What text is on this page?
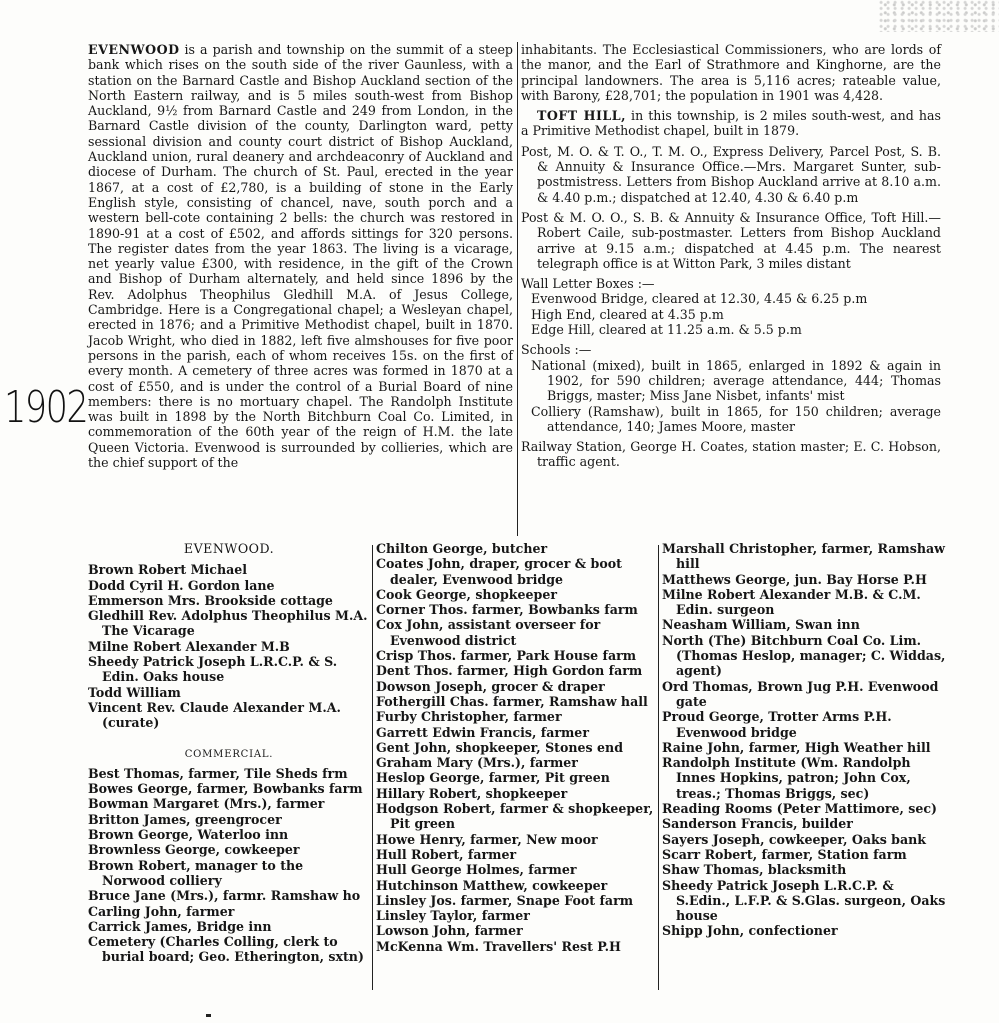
1902

EVENWOOD is a parish and township on the summit of a steep bank which rises on the south side of the river Gaunless, with a station on the Barnard Castle and Bishop Auckland section of the North Eastern railway, and is 5 miles south-west from Bishop Auckland, 9½ from Barnard Castle and 249 from London, in the Barnard Castle division of the county, Darlington ward, petty sessional division and county court district of Bishop Auckland, Auckland union, rural deanery and archdeaconry of Auckland and diocese of Durham. The church of St. Paul, erected in the year 1867, at a cost of £2,780, is a building of stone in the Early English style, consisting of chancel, nave, south porch and a western bell-cote containing 2 bells: the church was restored in 1890-91 at a cost of £502, and affords sittings for 320 persons. The register dates from the year 1863. The living is a vicarage, net yearly value £300, with residence, in the gift of the Crown and Bishop of Durham alternately, and held since 1896 by the Rev. Adolphus Theophilus Gledhill M.A. of Jesus College, Cambridge. Here is a Congregational chapel; a Wesleyan chapel, erected in 1876; and a Primitive Methodist chapel, built in 1870. Jacob Wright, who died in 1882, left five almshouses for five poor persons in the parish, each of whom receives 15s. on the first of every month. A cemetery of three acres was formed in 1870 at a cost of £550, and is under the control of a Burial Board of nine members: there is no mortuary chapel. The Randolph Institute was built in 1898 by the North Bitchburn Coal Co. Limited, in commemoration of the 60th year of the reign of H.M. the late Queen Victoria. Evenwood is surrounded by collieries, which are the chief support of the

inhabitants. The Ecclesiastical Commissioners, who are lords of the manor, and the Earl of Strathmore and Kinghorne, are the principal landowners. The area is 5,116 acres; rateable value, with Barony, £28,701; the population in 1901 was 4,428.

TOFT HILL, in this township, is 2 miles south-west, and has a Primitive Methodist chapel, built in 1879.

Post, M. O. & T. O., T. M. O., Express Delivery, Parcel Post, S. B. & Annuity & Insurance Office.—Mrs. Margaret Sunter, sub-postmistress. Letters from Bishop Auckland arrive at 8.10 a.m. & 4.40 p.m.; dispatched at 12.40, 4.30 & 6.40 p.m

Post & M. O. O., S. B. & Annuity & Insurance Office, Toft Hill.—Robert Caile, sub-postmaster. Letters from Bishop Auckland arrive at 9.15 a.m.; dispatched at 4.45 p.m. The nearest telegraph office is at Witton Park, 3 miles distant

Wall Letter Boxes :—

Evenwood Bridge, cleared at 12.30, 4.45 & 6.25 p.m

High End, cleared at 4.35 p.m

Edge Hill, cleared at 11.25 a.m. & 5.5 p.m

Schools :—

National (mixed), built in 1865, enlarged in 1892 & again in 1902, for 590 children; average attendance, 444; Thomas Briggs, master; Miss Jane Nisbet, infants' mist

Colliery (Ramshaw), built in 1865, for 150 children; average attendance, 140; James Moore, master

Railway Station, George H. Coates, station master; E. C. Hobson, traffic agent.

EVENWOOD.
Brown Robert Michael
Dodd Cyril H. Gordon lane
Emmerson Mrs. Brookside cottage
Gledhill Rev. Adolphus Theophilus M.A. The Vicarage
Milne Robert Alexander M.B
Sheedy Patrick Joseph L.R.C.P. & S. Edin. Oaks house
Todd William
Vincent Rev. Claude Alexander M.A. (curate)
COMMERCIAL.
Best Thomas, farmer, Tile Sheds frm
Bowes George, farmer, Bowbanks farm
Bowman Margaret (Mrs.), farmer
Britton James, greengrocer
Brown George, Waterloo inn
Brownless George, cowkeeper
Brown Robert, manager to the Norwood colliery
Bruce Jane (Mrs.), farmr. Ramshaw ho
Carling John, farmer
Carrick James, Bridge inn
Cemetery (Charles Colling, clerk to burial board; Geo. Etherington, sxtn)
Chilton George, butcher
Coates John, draper, grocer & boot dealer, Evenwood bridge
Cook George, shopkeeper
Corner Thos. farmer, Bowbanks farm
Cox John, assistant overseer for Evenwood district
Crisp Thos. farmer, Park House farm
Dent Thos. farmer, High Gordon farm
Dowson Joseph, grocer & draper
Fothergill Chas. farmer, Ramshaw hall
Furby Christopher, farmer
Garrett Edwin Francis, farmer
Gent John, shopkeeper, Stones end
Graham Mary (Mrs.), farmer
Heslop George, farmer, Pit green
Hillary Robert, shopkeeper
Hodgson Robert, farmer & shopkeeper, Pit green
Howe Henry, farmer, New moor
Hull Robert, farmer
Hull George Holmes, farmer
Hutchinson Matthew, cowkeeper
Linsley Jos. farmer, Snape Foot farm
Linsley Taylor, farmer
Lowson John, farmer
McKenna Wm. Travellers' Rest P.H
Marshall Christopher, farmer, Ramshaw hill
Matthews George, jun. Bay Horse P.H
Milne Robert Alexander M.B. & C.M. Edin. surgeon
Neasham William, Swan inn
North (The) Bitchburn Coal Co. Lim. (Thomas Heslop, manager; C. Widdas, agent)
Ord Thomas, Brown Jug P.H. Evenwood gate
Proud George, Trotter Arms P.H. Evenwood bridge
Raine John, farmer, High Weather hill
Randolph Institute (Wm. Randolph Innes Hopkins, patron; John Cox, treas.; Thomas Briggs, sec)
Reading Rooms (Peter Mattimore, sec)
Sanderson Francis, builder
Sayers Joseph, cowkeeper, Oaks bank
Scarr Robert, farmer, Station farm
Shaw Thomas, blacksmith
Sheedy Patrick Joseph L.R.C.P. & S.Edin., L.F.P. & S.Glas. surgeon, Oaks house
Shipp John, confectioner
